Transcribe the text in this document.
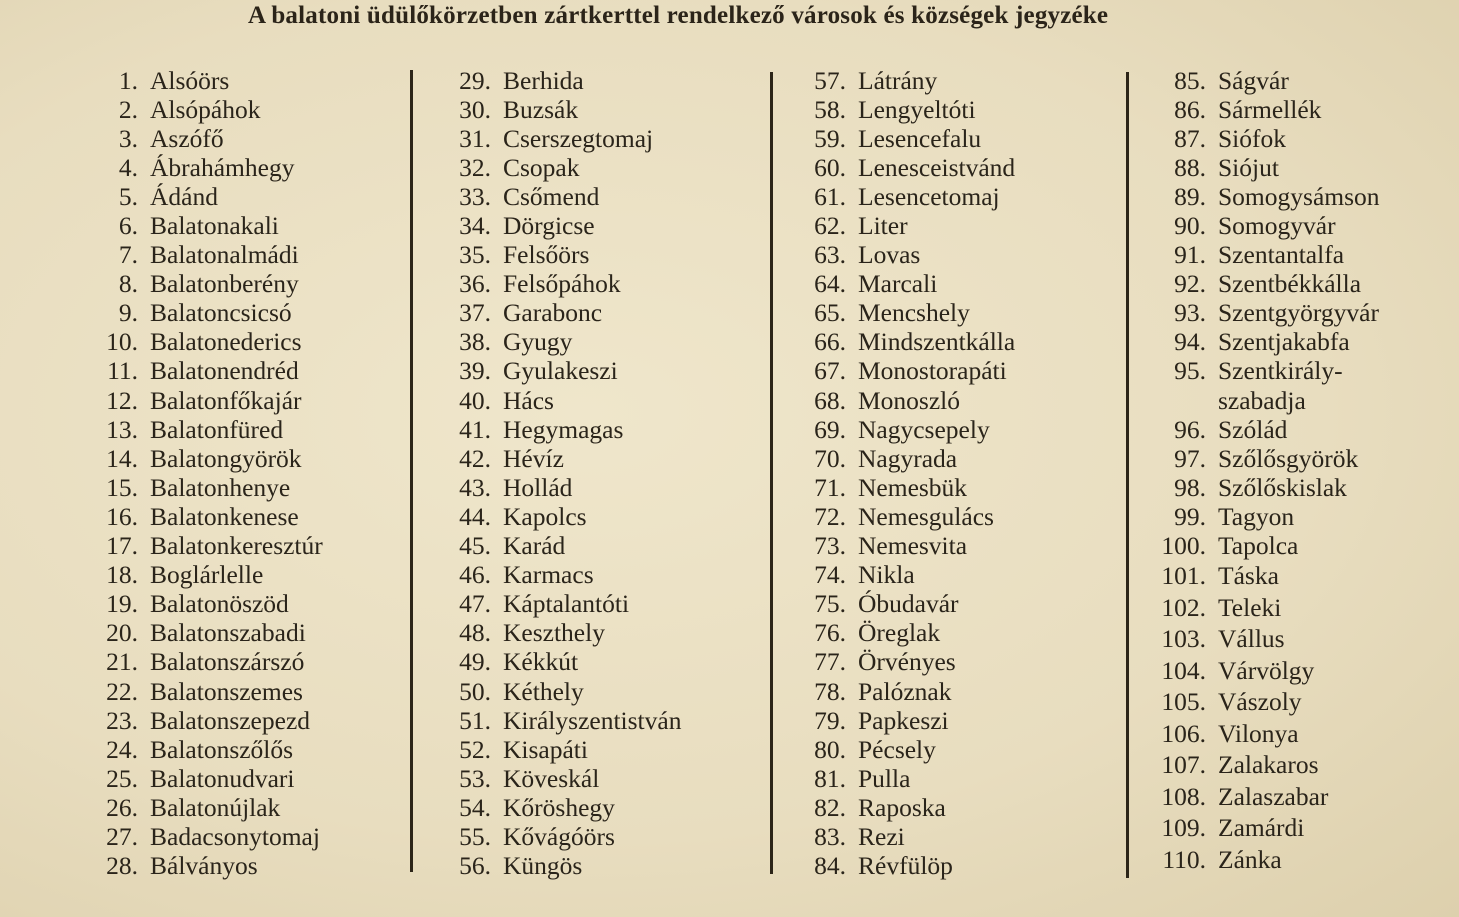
A balatoni üdülőkörzetben zártkerttel rendelkező városok és községek jegyzéke
1. Alsóörs
2. Alsópáhok
3. Aszófő
4. Ábrahámhegy
5. Ádánd
6. Balatonakali
7. Balatonalmádi
8. Balatonberény
9. Balatoncsicsó
10. Balatonederics
11. Balatonendréd
12. Balatonfőkajár
13. Balatonfüred
14. Balatongyörök
15. Balatonhenye
16. Balatonkenese
17. Balatonkeresztúr
18. Boglárlelle
19. Balatonöszöd
20. Balatonszabadi
21. Balatonszárszó
22. Balatonszemes
23. Balatonszepezd
24. Balatonszőlős
25. Balatonudvari
26. Balatonújlak
27. Badacsonytomaj
28. Bálványos
29. Berhida
30. Buzsák
31. Cserszegtomaj
32. Csopak
33. Csőmend
34. Dörgicse
35. Felsőörs
36. Felsőpáhok
37. Garabonc
38. Gyugy
39. Gyulakeszi
40. Hács
41. Hegymagas
42. Hévíz
43. Hollád
44. Kapolcs
45. Karád
46. Karmacs
47. Káptalantóti
48. Keszthely
49. Kékkút
50. Kéthely
51. Királyszentistván
52. Kisapáti
53. Köveskál
54. Kőröshegy
55. Kővágóörs
56. Küngös
57. Látrány
58. Lengyeltóti
59. Lesencefalu
60. Lenesceistvánd
61. Lesencetomaj
62. Liter
63. Lovas
64. Marcali
65. Mencshely
66. Mindszentkálla
67. Monostorapáti
68. Monoszló
69. Nagycsepely
70. Nagyrada
71. Nemesbük
72. Nemesgulács
73. Nemesvita
74. Nikla
75. Óbudavár
76. Öreglak
77. Örvényes
78. Palóznak
79. Papkeszi
80. Pécsely
81. Pulla
82. Raposka
83. Rezi
84. Révfülöp
85. Ságvár
86. Sármellék
87. Siófok
88. Siójut
89. Somogysámson
90. Somogyvár
91. Szentantalfa
92. Szentbékkálla
93. Szentgyörgyvár
94. Szentjakabfa
95. Szentkirály-
szabadja
96. Szólád
97. Szőlősgyörök
98. Szőlőskislak
99. Tagyon
100. Tapolca
101. Táska
102. Teleki
103. Vállus
104. Várvölgy
105. Vászoly
106. Vilonya
107. Zalakaros
108. Zalaszabar
109. Zamárdi
110. Zánka
